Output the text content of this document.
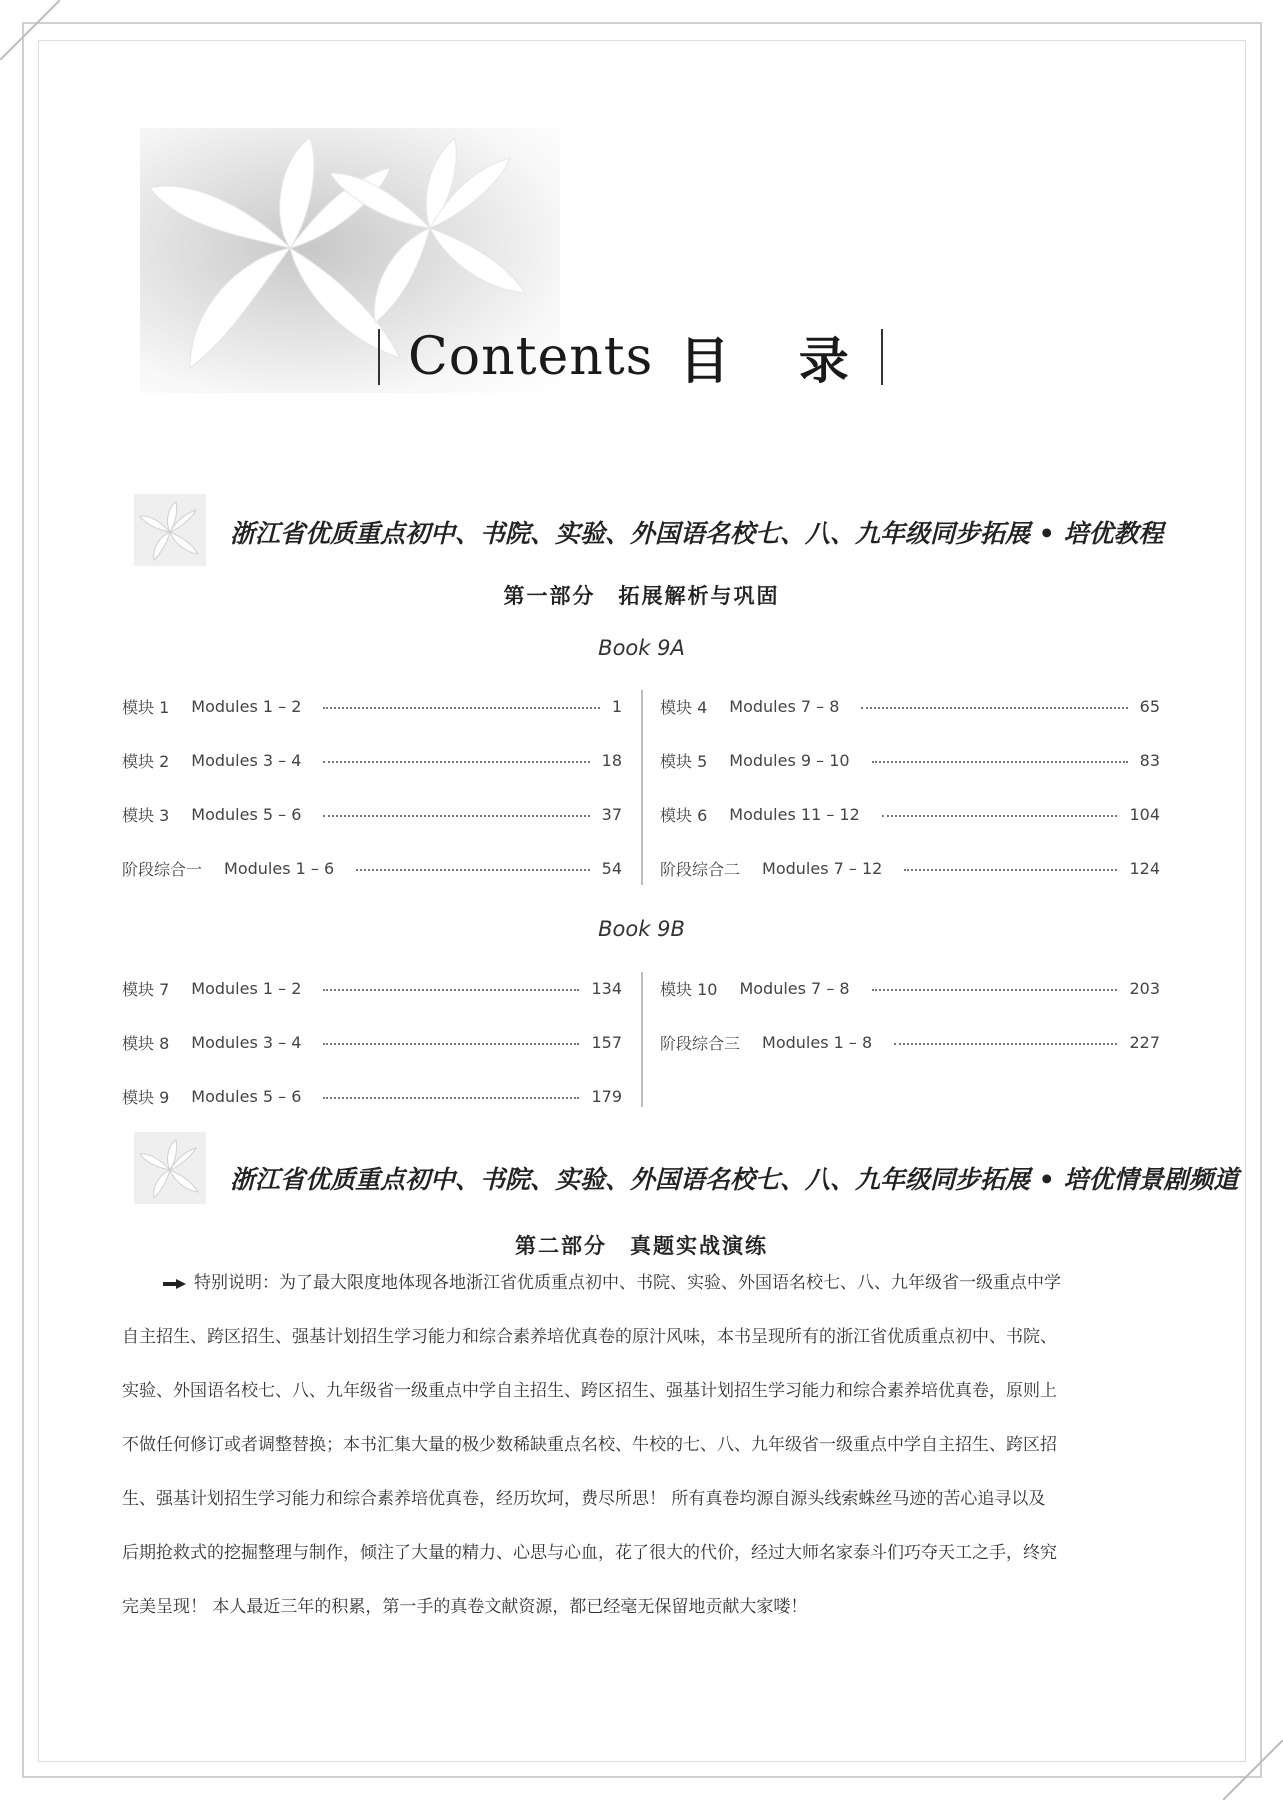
Contents 目 录
浙江省优质重点初中、书院、实验、外国语名校七、八、九年级同步拓展 • 培优教程
第一部分　拓展解析与巩固
Book 9A
模块 1 Modules 1 – 2	1
模块 2 Modules 3 – 4	18
模块 3 Modules 5 – 6	37
阶段综合一 Modules 1 – 6	54
模块 4 Modules 7 – 8	65
模块 5 Modules 9 – 10	83
模块 6 Modules 11 – 12	104
阶段综合二 Modules 7 – 12	124
Book 9B
模块 7 Modules 1 – 2	134
模块 8 Modules 3 – 4	157
模块 9 Modules 5 – 6	179
模块 10 Modules 7 – 8	203
阶段综合三 Modules 1 – 8	227
浙江省优质重点初中、书院、实验、外国语名校七、八、九年级同步拓展 • 培优情景剧频道
第二部分　真题实战演练
特别说明：为了最大限度地体现各地浙江省优质重点初中、书院、实验、外国语名校七、八、九年级省一级重点中学
自主招生、跨区招生、强基计划招生学习能力和综合素养培优真卷的原汁风味，本书呈现所有的浙江省优质重点初中、书院、
实验、外国语名校七、八、九年级省一级重点中学自主招生、跨区招生、强基计划招生学习能力和综合素养培优真卷，原则上
不做任何修订或者调整替换；本书汇集大量的极少数稀缺重点名校、牛校的七、八、九年级省一级重点中学自主招生、跨区招
生、强基计划招生学习能力和综合素养培优真卷，经历坎坷，费尽所思！ 所有真卷均源自源头线索蛛丝马迹的苦心追寻以及
后期抢救式的挖掘整理与制作，倾注了大量的精力、心思与心血，花了很大的代价，经过大师名家泰斗们巧夺天工之手，终究
完美呈现！ 本人最近三年的积累，第一手的真卷文献资源，都已经毫无保留地贡献大家喽！
